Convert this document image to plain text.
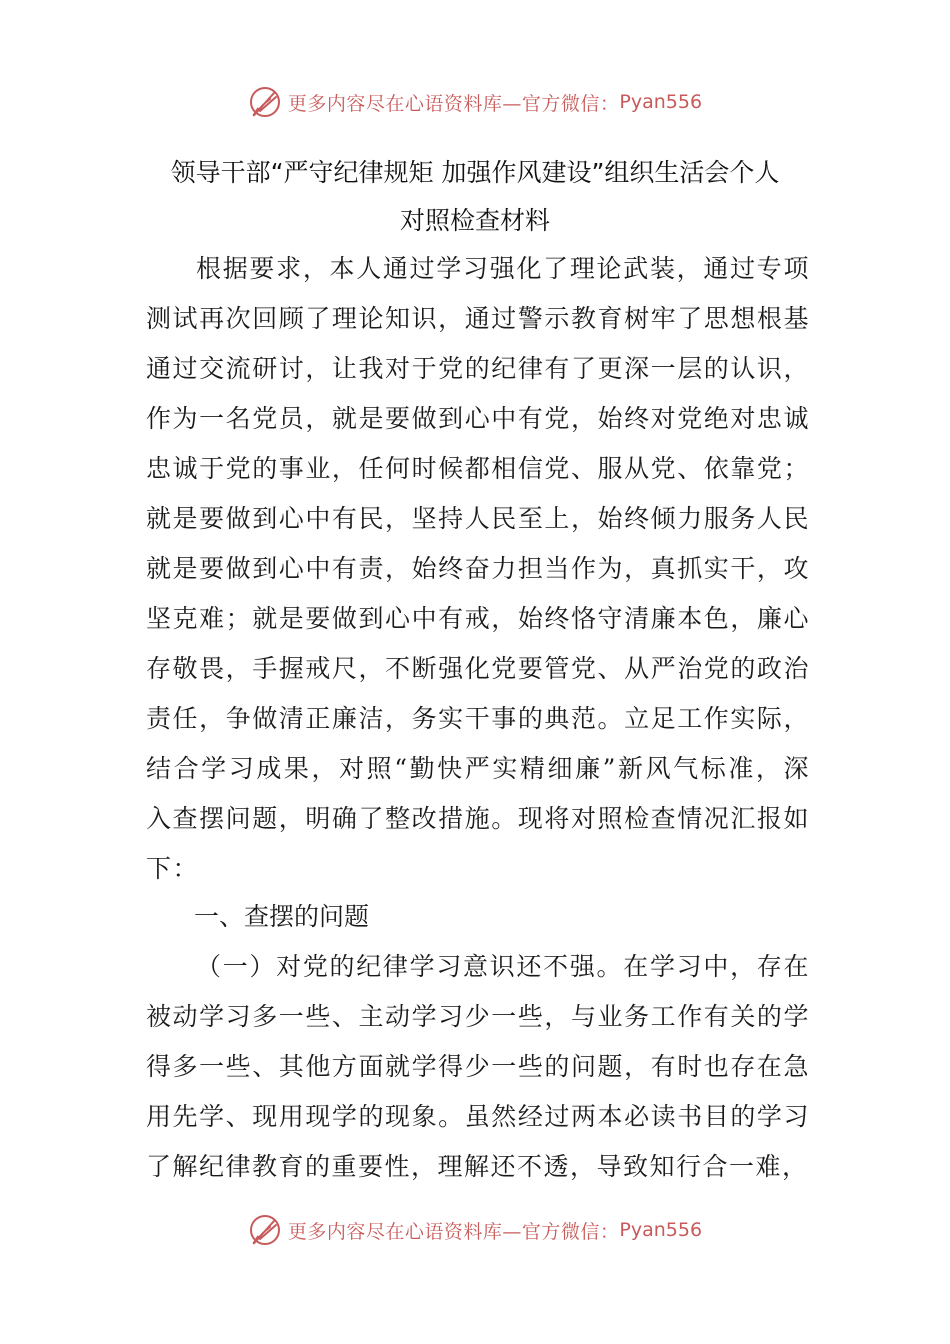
更多内容尽在心语资料库—官方微信： Pyan556
领导干部“严守纪律规矩 加强作风建设”组织生活会个人
对照检查材料

根据要求，本人通过学习强化了理论武装，通过专项测试再次回顾了理论知识，通过警示教育树牢了思想根基通过交流研讨，让我对于党的纪律有了更深一层的认识，作为一名党员，就是要做到心中有党，始终对党绝对忠诚忠诚于党的事业，任何时候都相信党、服从党、依靠党；就是要做到心中有民，坚持人民至上，始终倾力服务人民就是要做到心中有责，始终奋力担当作为，真抓实干，攻坚克难；就是要做到心中有戒，始终恪守清廉本色，廉心存敬畏，手握戒尺，不断强化党要管党、从严治党的政治责任，争做清正廉洁，务实干事的典范。立足工作实际，结合学习成果，对照“勤快严实精细廉”新风气标准，深入查摆问题，明确了整改措施。现将对照检查情况汇报如下：

一、查摆的问题

（一）对党的纪律学习意识还不强。在学习中，存在被动学习多一些、主动学习少一些，与业务工作有关的学得多一些、其他方面就学得少一些的问题，有时也存在急用先学、现用现学的现象。虽然经过两本必读书目的学习了解纪律教育的重要性，理解还不透，导致知行合一难，

更多内容尽在心语资料库—官方微信： Pyan556
